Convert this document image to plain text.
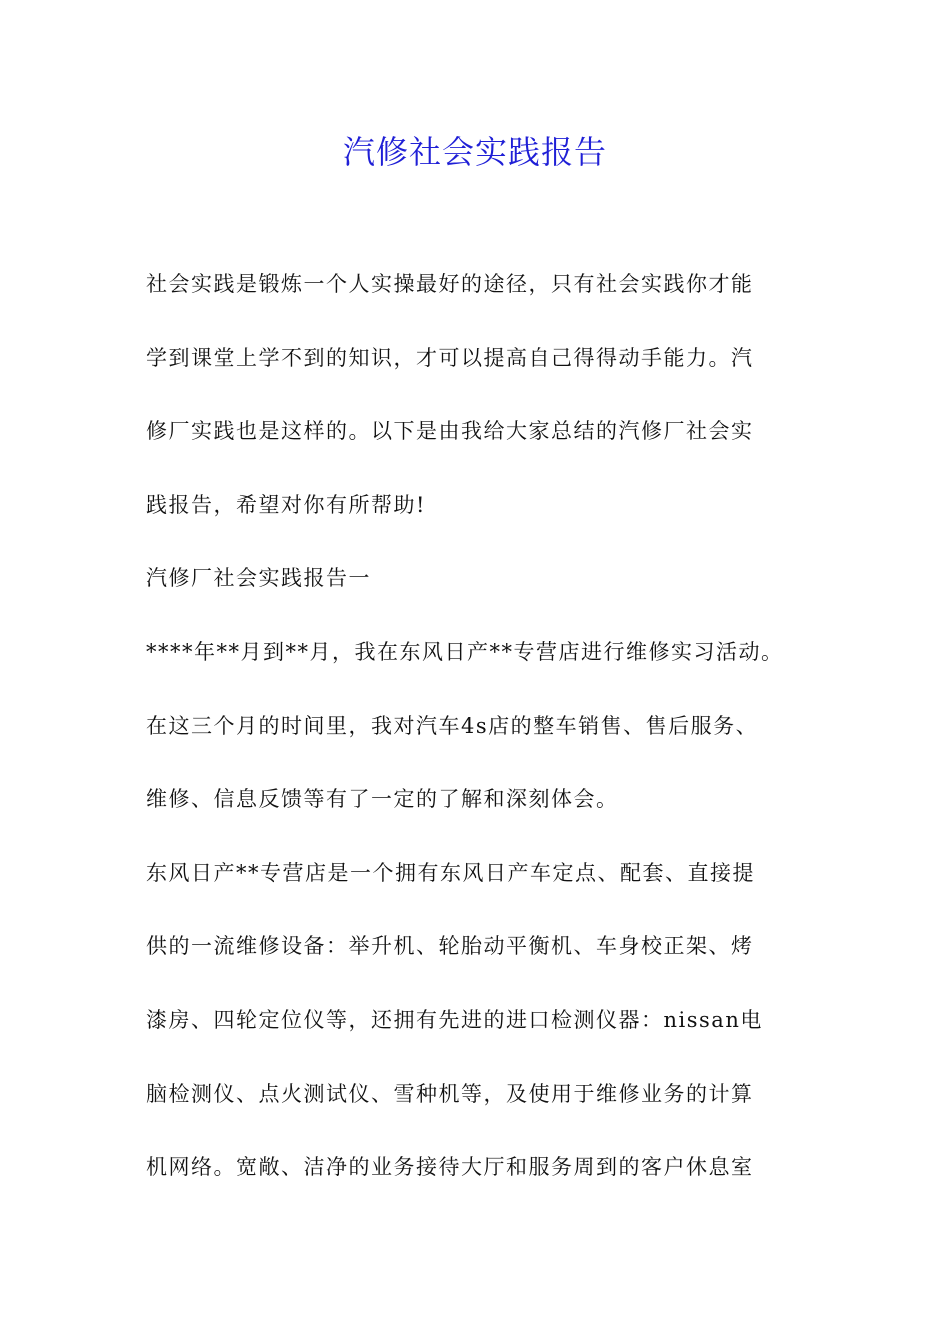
汽修社会实践报告
社会实践是锻炼一个人实操最好的途径，只有社会实践你才能
学到课堂上学不到的知识，才可以提高自己得得动手能力。汽
修厂实践也是这样的。以下是由我给大家总结的汽修厂社会实
践报告，希望对你有所帮助!
汽修厂社会实践报告一
****年**月到**月，我在东风日产**专营店进行维修实习活动。
在这三个月的时间里，我对汽车4s店的整车销售、售后服务、
维修、信息反馈等有了一定的了解和深刻体会。
东风日产**专营店是一个拥有东风日产车定点、配套、直接提
供的一流维修设备：举升机、轮胎动平衡机、车身校正架、烤
漆房、四轮定位仪等，还拥有先进的进口检测仪器：nissan电
脑检测仪、点火测试仪、雪种机等，及使用于维修业务的计算
机网络。宽敞、洁净的业务接待大厅和服务周到的客户休息室
